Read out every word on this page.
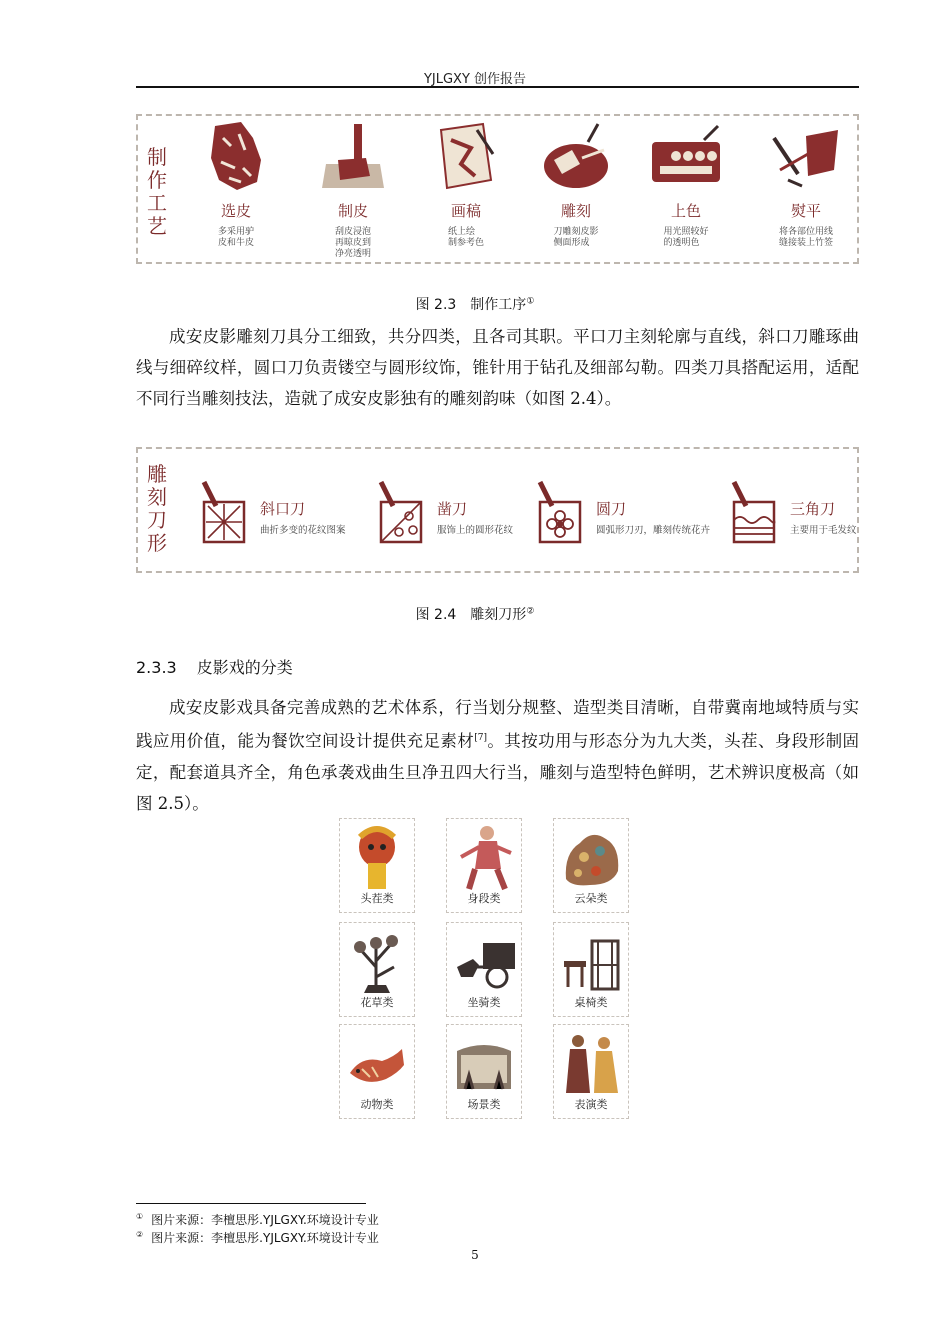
YJLGXY 创作报告
制
作
工
艺
选皮
多采用驴
皮和牛皮
制皮
刮皮浸泡
再晾皮到
净亮透明
画稿
纸上绘
制参考色
雕刻
刀雕刻皮影
侧面形成
上色
用光照较好
的透明色
熨平
将各部位用线
缝接装上竹签
图 2.3　制作工序①
成安皮影雕刻刀具分工细致，共分四类，且各司其职。平口刀主刻轮廓与直线，斜口刀雕琢曲线与细碎纹样，圆口刀负责镂空与圆形纹饰，锥针用于钻孔及细部勾勒。四类刀具搭配运用，适配不同行当雕刻技法，造就了成安皮影独有的雕刻韵味（如图 2.4）。
雕
刻
刀
形
斜口刀
曲折多变的花纹图案
凿刀
服饰上的圆形花纹
圆刀
圆弧形刀刃，雕刻传统花卉
三角刀
主要用于毛发纹
图 2.4　雕刻刀形②
2.3.3 皮影戏的分类
成安皮影戏具备完善成熟的艺术体系，行当划分规整、造型类目清晰，自带冀南地域特质与实践应用价值，能为餐饮空间设计提供充足素材[7]。其按功用与形态分为九大类，头茬、身段形制固定，配套道具齐全，角色承袭戏曲生旦净丑四大行当，雕刻与造型特色鲜明，艺术辨识度极高（如图 2.5）。
头茬类	身段类	云朵类
花草类	坐骑类	桌椅类
动物类	场景类	表演类
① 图片来源：李檀思彤.YJLGXY.环境设计专业
② 图片来源：李檀思彤.YJLGXY.环境设计专业
5
